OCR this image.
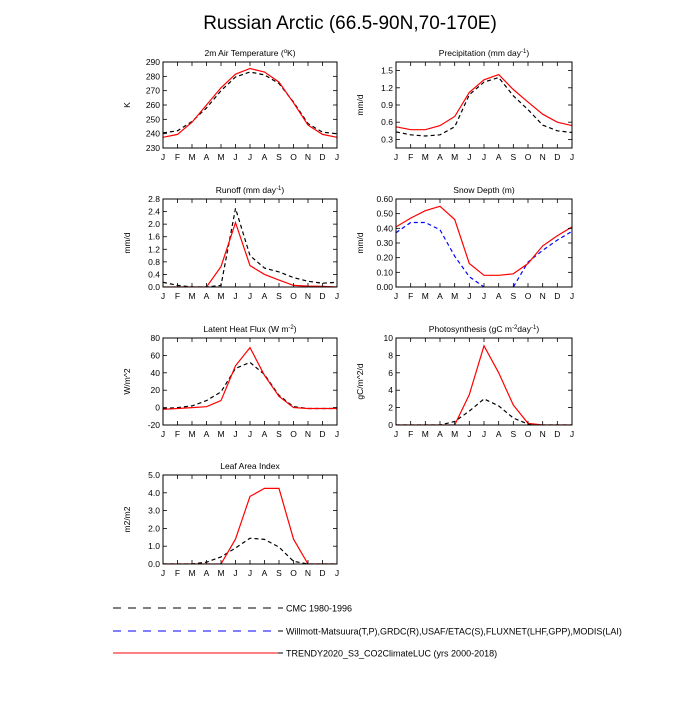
Russian Arctic (66.5-90N,70-170E)
230
240
250
260
270
280
290
J F M A M J J A S O N D J
2m Air Temperature ($^o$K)
K
0.3
0.6
0.9
1.2
1.5
J F M A M J J A S O N D J
Precipitation (mm day$^{-1}$)
mm/d
0.0
0.4
0.8
1.2
1.6
2.0
2.4
2.8
J F M A M J J A S O N D J
Runoff (mm day$^{-1}$)
mm/d
0.00
0.10
0.20
0.30
0.40
0.50
0.60
J F M A M J J A S O N D J
Snow Depth (m)
mm/d
-20
0
20
40
60
80
J F M A M J J A S O N D J
Latent Heat Flux (W $m^{-2}$)
W/m^2
0
2
4
6
8
10
J F M A M J J A S O N D J
Photosynthesis (gC $m^{-2}day^{-1}$)
gC/m^2/d
0.0
1.0
2.0
3.0
4.0
5.0
J F M A M J J A S O N D J
Leaf Area Index
m2/m2
CMC 1980-1996
Willmott-Matsuura(T,P),GRDC(R),USAF/ETAC(S),FLUXNET(LHF,GPP),MODIS(LAI)
TRENDY2020_S3_CO2ClimateLUC (yrs 2000-2018)
